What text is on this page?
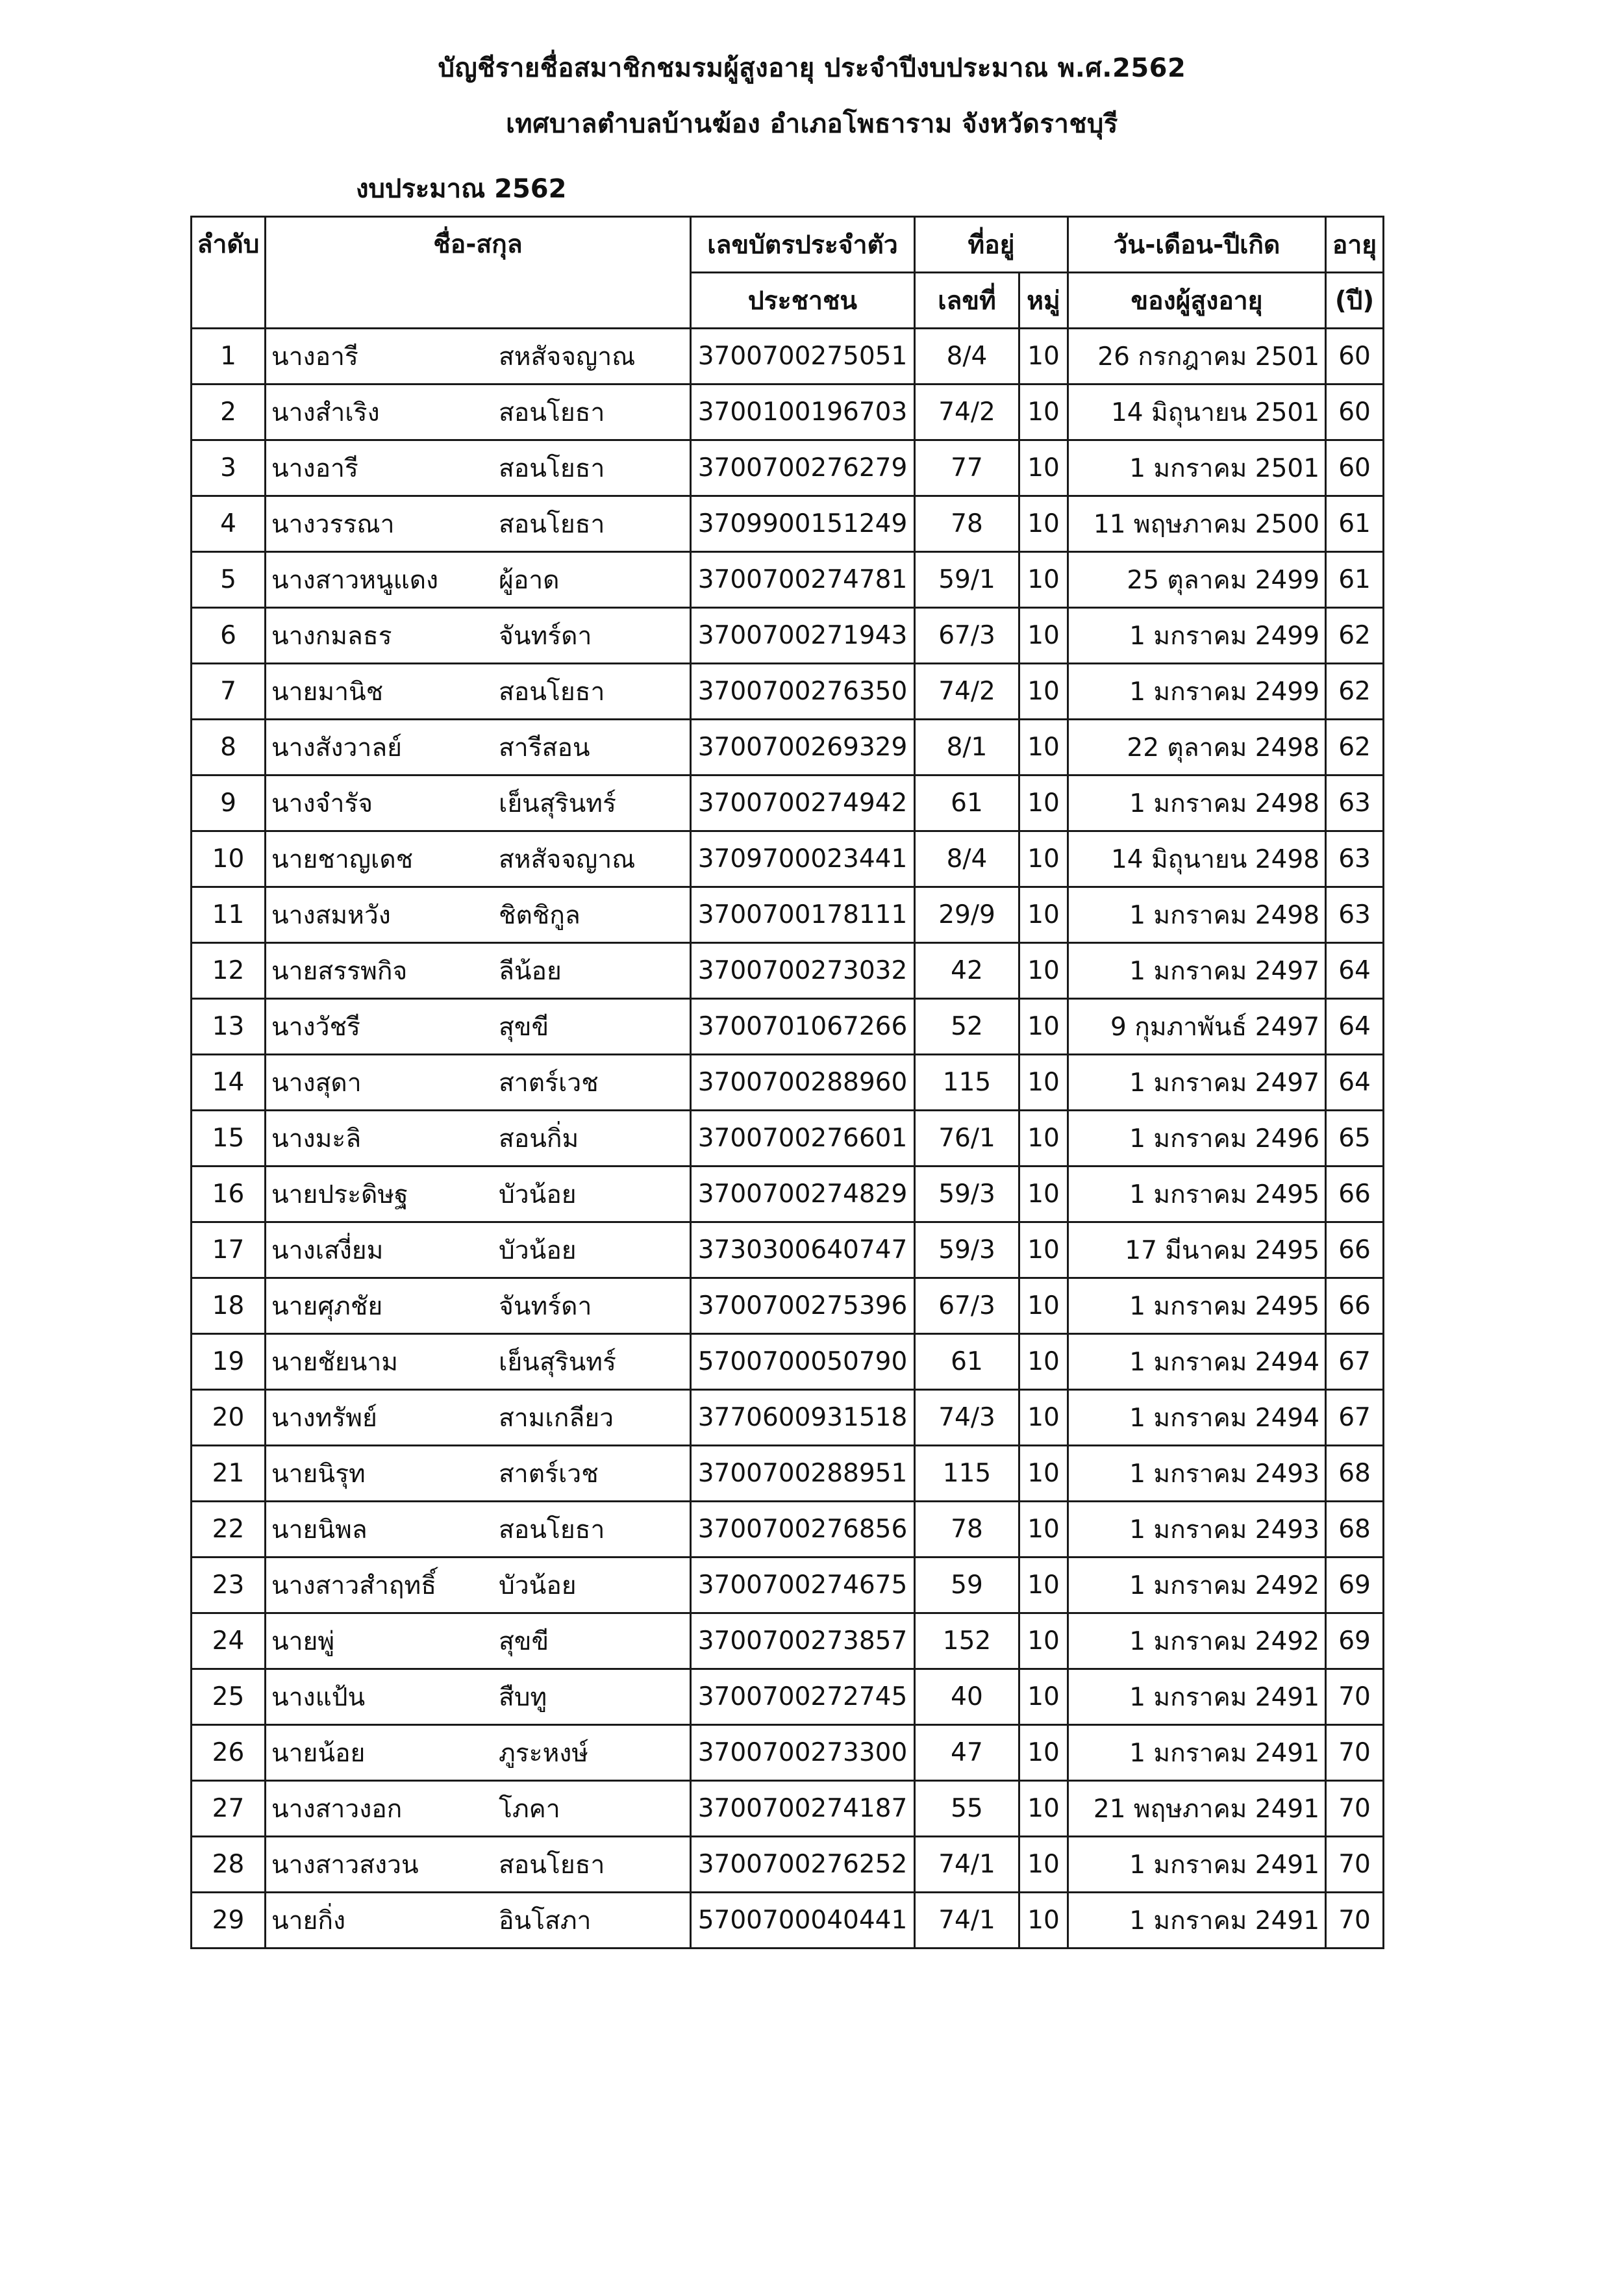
บัญชีรายชื่อสมาชิกชมรมผู้สูงอายุ ประจำปีงบประมาณ พ.ศ.2562
เทศบาลตำบลบ้านฆ้อง อำเภอโพธาราม จังหวัดราชบุรี
งบประมาณ 2562
ลำดับ	ชื่อ-สกุล	เลขบัตรประจำตัว	ที่อยู่		วัน-เดือน-ปีเกิด	อายุ
		ประชาชน	เลขที่	หมู่	ของผู้สูงอายุ	(ปี)
1	นางอารี สหสัจจญาณ	3700700275051	8/4	10	26 กรกฎาคม 2501	60
2	นางสำเริง สอนโยธา	3700100196703	74/2	10	14 มิถุนายน 2501	60
3	นางอารี สอนโยธา	3700700276279	77	10	1 มกราคม 2501	60
4	นางวรรณา สอนโยธา	3709900151249	78	10	11 พฤษภาคม 2500	61
5	นางสาวหนูแดง ผู้อาด	3700700274781	59/1	10	25 ตุลาคม 2499	61
6	นางกมลธร จันทร์ดา	3700700271943	67/3	10	1 มกราคม 2499	62
7	นายมานิช สอนโยธา	3700700276350	74/2	10	1 มกราคม 2499	62
8	นางสังวาลย์ สารีสอน	3700700269329	8/1	10	22 ตุลาคม 2498	62
9	นางจำรัจ เย็นสุรินทร์	3700700274942	61	10	1 มกราคม 2498	63
10	นายชาญเดช สหสัจจญาณ	3709700023441	8/4	10	14 มิถุนายน 2498	63
11	นางสมหวัง ชิตชิกูล	3700700178111	29/9	10	1 มกราคม 2498	63
12	นายสรรพกิจ ลีน้อย	3700700273032	42	10	1 มกราคม 2497	64
13	นางวัชรี สุขขี	3700701067266	52	10	9 กุมภาพันธ์ 2497	64
14	นางสุดา สาตร์เวช	3700700288960	115	10	1 มกราคม 2497	64
15	นางมะลิ สอนกิ่ม	3700700276601	76/1	10	1 มกราคม 2496	65
16	นายประดิษฐ บัวน้อย	3700700274829	59/3	10	1 มกราคม 2495	66
17	นางเสงี่ยม บัวน้อย	3730300640747	59/3	10	17 มีนาคม 2495	66
18	นายศุภชัย จันทร์ดา	3700700275396	67/3	10	1 มกราคม 2495	66
19	นายชัยนาม เย็นสุรินทร์	5700700050790	61	10	1 มกราคม 2494	67
20	นางทรัพย์ สามเกลียว	3770600931518	74/3	10	1 มกราคม 2494	67
21	นายนิรุท สาตร์เวช	3700700288951	115	10	1 มกราคม 2493	68
22	นายนิพล สอนโยธา	3700700276856	78	10	1 มกราคม 2493	68
23	นางสาวสำฤทธิ์ บัวน้อย	3700700274675	59	10	1 มกราคม 2492	69
24	นายพู่ สุขขี	3700700273857	152	10	1 มกราคม 2492	69
25	นางแป้น สืบทู	3700700272745	40	10	1 มกราคม 2491	70
26	นายน้อย ภูระหงษ์	3700700273300	47	10	1 มกราคม 2491	70
27	นางสาวงอก โภคา	3700700274187	55	10	21 พฤษภาคม 2491	70
28	นางสาวสงวน สอนโยธา	3700700276252	74/1	10	1 มกราคม 2491	70
29	นายกิ่ง อินโสภา	5700700040441	74/1	10	1 มกราคม 2491	70
